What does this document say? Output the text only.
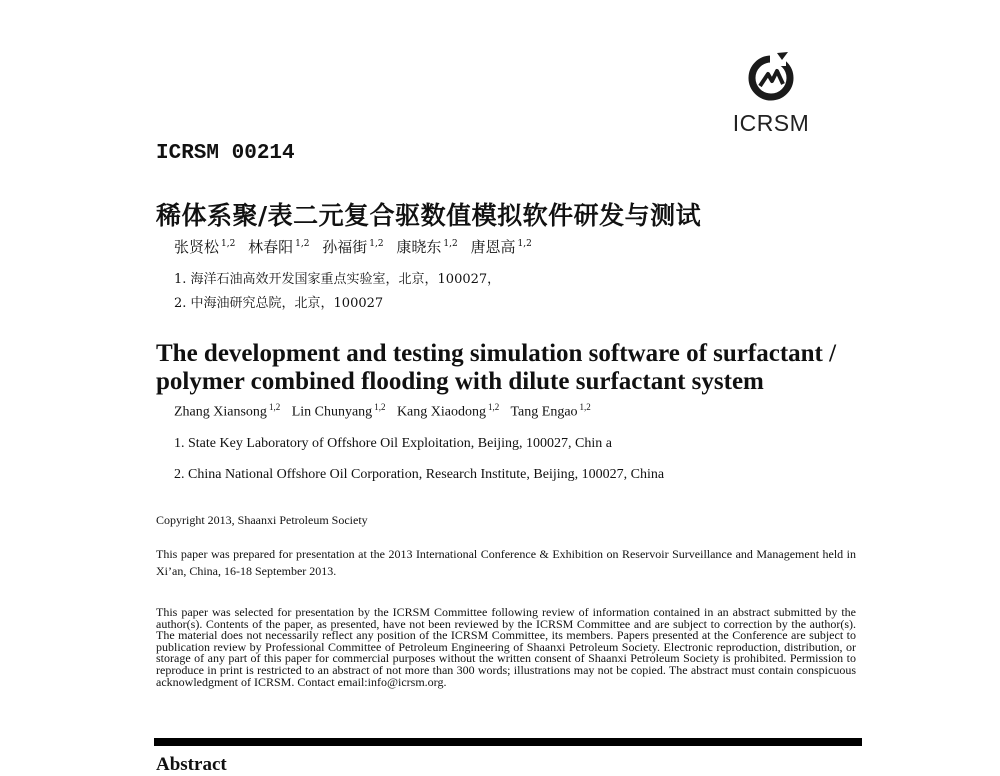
ICRSM
ICRSM 00214
稀体系聚/表二元复合驱数值模拟软件研发与测试
张贤松 $^{1,2}$ 林春阳 $^{1,2}$ 孙福街 $^{1,2}$ 康晓东 $^{1,2}$ 唐恩高 $^{1,2}$
1. 海洋石油高效开发国家重点实验室，北京，100027，
2. 中海油研究总院，北京，100027
The development and testing simulation software of surfactant / polymer combined flooding with dilute surfactant system
Zhang Xiansong $^{1,2}$ Lin Chunyang $^{1,2}$ Kang Xiaodong $^{1,2}$ Tang Engao $^{1,2}$
1. State Key Laboratory of Offshore Oil Exploitation, Beijing, 100027, Chin a
2. China National Offshore Oil Corporation, Research Institute, Beijing, 100027, China
Copyright 2013, Shaanxi Petroleum Society
This paper was prepared for presentation at the 2013 International Conference & Exhibition on Reservoir Surveillance and Management held in Xi’an, China, 16-18 September 2013.
This paper was selected for presentation by the ICRSM Committee following review of information contained in an abstract submitted by the author(s). Contents of the paper, as presented, have not been reviewed by the ICRSM Committee and are subject to correction by the author(s). The material does not necessarily reflect any position of the ICRSM Committee, its members. Papers presented at the Conference are subject to publication review by Professional Committee of Petroleum Engineering of Shaanxi Petroleum Society. Electronic reproduction, distribution, or storage of any part of this paper for commercial purposes without the written consent of Shaanxi Petroleum Society is prohibited. Permission to reproduce in print is restricted to an abstract of not more than 300 words; illustrations may not be copied. The abstract must contain conspicuous acknowledgment of ICRSM. Contact email:info@icrsm.org.
Abstract
